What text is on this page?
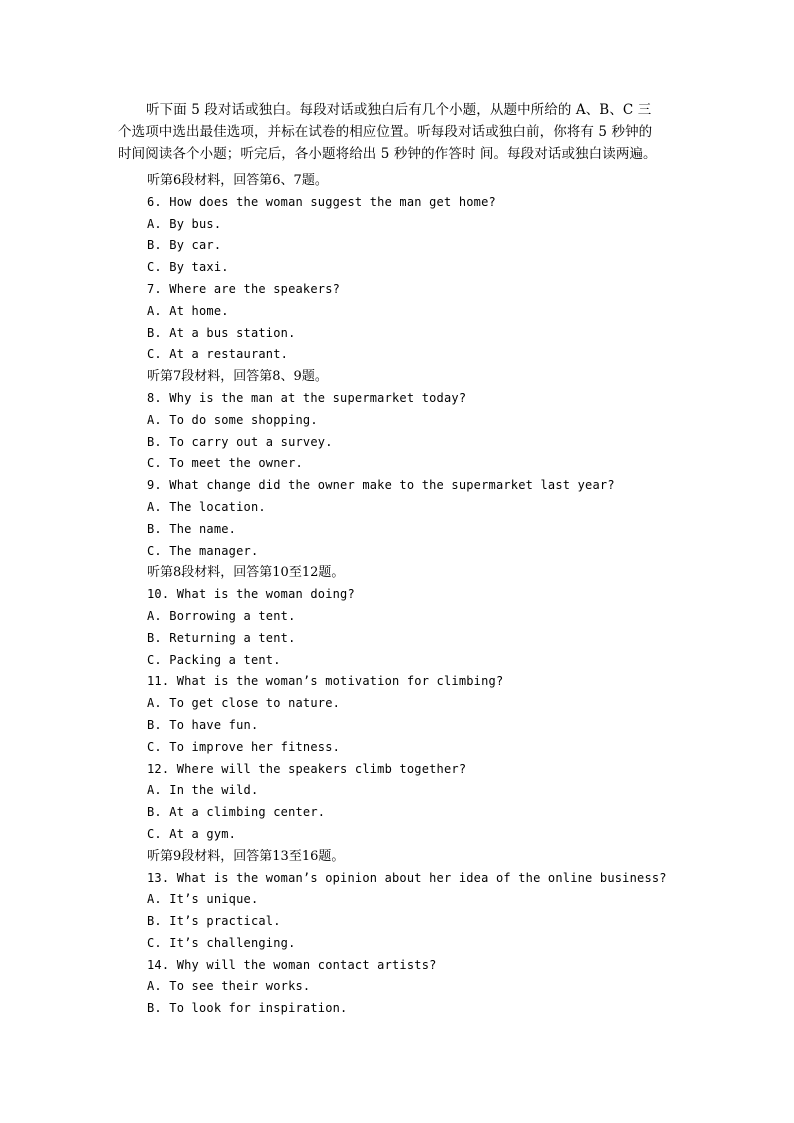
听下面 5 段对话或独白。每段对话或独白后有几个小题，从题中所给的 A、B、C 三个选项中选出最佳选项，并标在试卷的相应位置。听每段对话或独白前，你将有 5 秒钟的时间阅读各个小题；听完后，各小题将给出 5 秒钟的作答时 间。每段对话或独白读两遍。

听第6段材料，回答第6、7题。
6. How does the woman suggest the man get home?
A. By bus.
B. By car.
C. By taxi.
7. Where are the speakers?
A. At home.
B. At a bus station.
C. At a restaurant.
听第7段材料，回答第8、9题。
8. Why is the man at the supermarket today?
A. To do some shopping.
B. To carry out a survey.
C. To meet the owner.
9. What change did the owner make to the supermarket last year?
A. The location.
B. The name.
C. The manager.
听第8段材料，回答第10至12题。
10. What is the woman doing?
A. Borrowing a tent.
B. Returning a tent.
C. Packing a tent.
11. What is the woman’s motivation for climbing?
A. To get close to nature.
B. To have fun.
C. To improve her fitness.
12. Where will the speakers climb together?
A. In the wild.
B. At a climbing center.
C. At a gym.
听第9段材料，回答第13至16题。
13. What is the woman’s opinion about her idea of the online business?
A. It’s unique.
B. It’s practical.
C. It’s challenging.
14. Why will the woman contact artists?
A. To see their works.
B. To look for inspiration.
